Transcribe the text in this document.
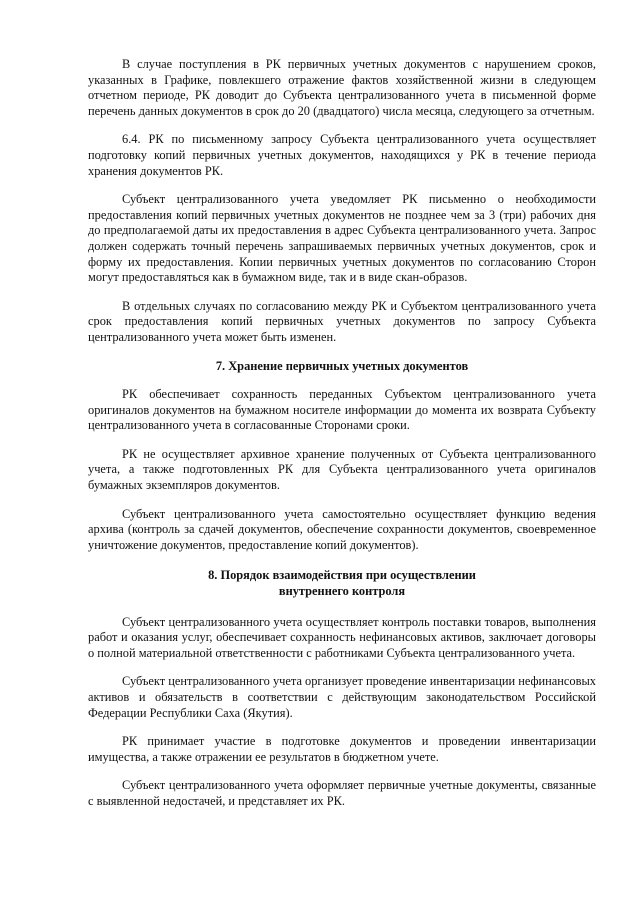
В случае поступления в РК первичных учетных документов с нарушением сроков, указанных в Графике, повлекшего отражение фактов хозяйственной жизни в следующем отчетном периоде, РК доводит до Субъекта централизованного учета в письменной форме перечень данных документов в срок до 20 (двадцатого) числа месяца, следующего за отчетным.

6.4. РК по письменному запросу Субъекта централизованного учета осуществляет подготовку копий первичных учетных документов, находящихся у РК в течение периода хранения документов РК.

Субъект централизованного учета уведомляет РК письменно о необходимости предоставления копий первичных учетных документов не позднее чем за 3 (три) рабочих дня до предполагаемой даты их предоставления в адрес Субъекта централизованного учета. Запрос должен содержать точный перечень запрашиваемых первичных учетных документов, срок и форму их предоставления. Копии первичных учетных документов по согласованию Сторон могут предоставляться как в бумажном виде, так и в виде скан-образов.

В отдельных случаях по согласованию между РК и Субъектом централизованного учета срок предоставления копий первичных учетных документов по запросу Субъекта централизованного учета может быть изменен.

7. Хранение первичных учетных документов

РК обеспечивает сохранность переданных Субъектом централизованного учета оригиналов документов на бумажном носителе информации до момента их возврата Субъекту централизованного учета в согласованные Сторонами сроки.

РК не осуществляет архивное хранение полученных от Субъекта централизованного учета, а также подготовленных РК для Субъекта централизованного учета оригиналов бумажных экземпляров документов.

Субъект централизованного учета самостоятельно осуществляет функцию ведения архива (контроль за сдачей документов, обеспечение сохранности документов, своевременное уничтожение документов, предоставление копий документов).

8. Порядок взаимодействия при осуществлении
внутреннего контроля

Субъект централизованного учета осуществляет контроль поставки товаров, выполнения работ и оказания услуг, обеспечивает сохранность нефинансовых активов, заключает договоры о полной материальной ответственности с работниками Субъекта централизованного учета.

Субъект централизованного учета организует проведение инвентаризации нефинансовых активов и обязательств в соответствии с действующим законодательством Российской Федерации Республики Саха (Якутия).

РК принимает участие в подготовке документов и проведении инвентаризации имущества, а также отражении ее результатов в бюджетном учете.

Субъект централизованного учета оформляет первичные учетные документы, связанные с выявленной недостачей, и представляет их РК.
